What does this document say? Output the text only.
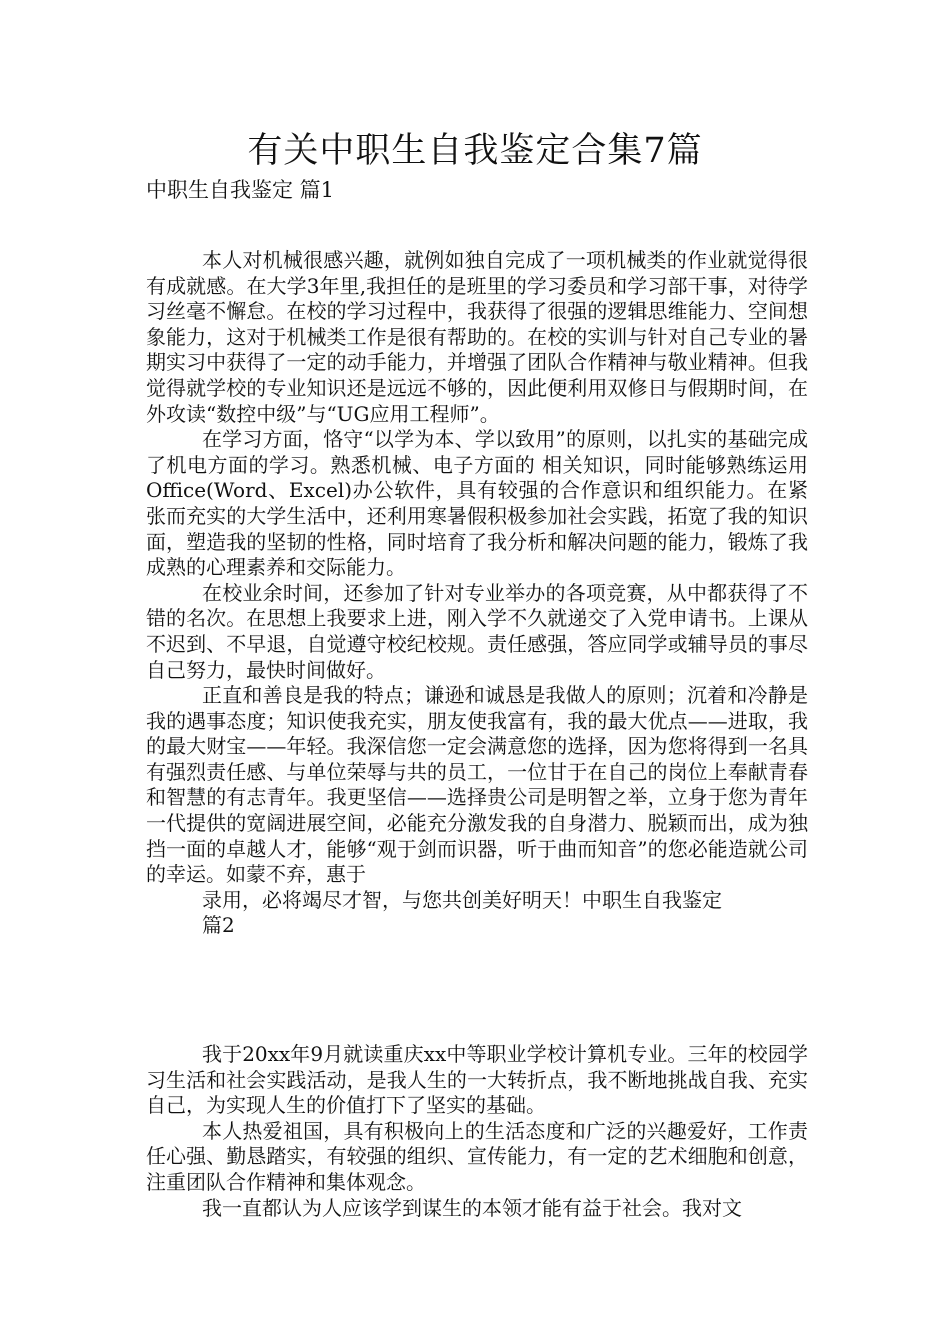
有关中职生自我鉴定合集7篇
中职生自我鉴定 篇1

本人对机械很感兴趣，就例如独自完成了一项机械类的作业就觉得很有成就感。在大学3年里,我担任的是班里的学习委员和学习部干事，对待学习丝毫不懈怠。在校的学习过程中，我获得了很强的逻辑思维能力、空间想象能力，这对于机械类工作是很有帮助的。在校的实训与针对自己专业的暑期实习中获得了一定的动手能力，并增强了团队合作精神与敬业精神。但我觉得就学校的专业知识还是远远不够的，因此便利用双修日与假期时间，在外攻读“数控中级”与“UG应用工程师”。

在学习方面，恪守“以学为本、学以致用”的原则，以扎实的基础完成了机电方面的学习。熟悉机械、电子方面的 相关知识，同时能够熟练运用Office(Word、Excel)办公软件，具有较强的合作意识和组织能力。在紧张而充实的大学生活中，还利用寒暑假积极参加社会实践，拓宽了我的知识面，塑造我的坚韧的性格，同时培育了我分析和解决问题的能力，锻炼了我成熟的心理素养和交际能力。

在校业余时间，还参加了针对专业举办的各项竞赛，从中都获得了不错的名次。在思想上我要求上进，刚入学不久就递交了入党申请书。上课从不迟到、不早退，自觉遵守校纪校规。责任感强，答应同学或辅导员的事尽自己努力，最快时间做好。

正直和善良是我的特点；谦逊和诚恳是我做人的原则；沉着和冷静是我的遇事态度；知识使我充实，朋友使我富有，我的最大优点——进取，我的最大财宝——年轻。我深信您一定会满意您的选择，因为您将得到一名具有强烈责任感、与单位荣辱与共的员工，一位甘于在自己的岗位上奉献青春和智慧的有志青年。我更坚信——选择贵公司是明智之举，立身于您为青年一代提供的宽阔进展空间，必能充分激发我的自身潜力、脱颖而出，成为独挡一面的卓越人才，能够“观于剑而识器，听于曲而知音”的您必能造就公司的幸运。如蒙不弃，惠于

录用，必将竭尽才智，与您共创美好明天！中职生自我鉴定

篇2

我于20xx年9月就读重庆xx中等职业学校计算机专业。三年的校园学习生活和社会实践活动，是我人生的一大转折点，我不断地挑战自我、充实自己，为实现人生的价值打下了坚实的基础。

本人热爱祖国，具有积极向上的生活态度和广泛的兴趣爱好，工作责任心强、勤恳踏实，有较强的组织、宣传能力，有一定的艺术细胞和创意，注重团队合作精神和集体观念。

我一直都认为人应该学到谋生的本领才能有益于社会。我对文
